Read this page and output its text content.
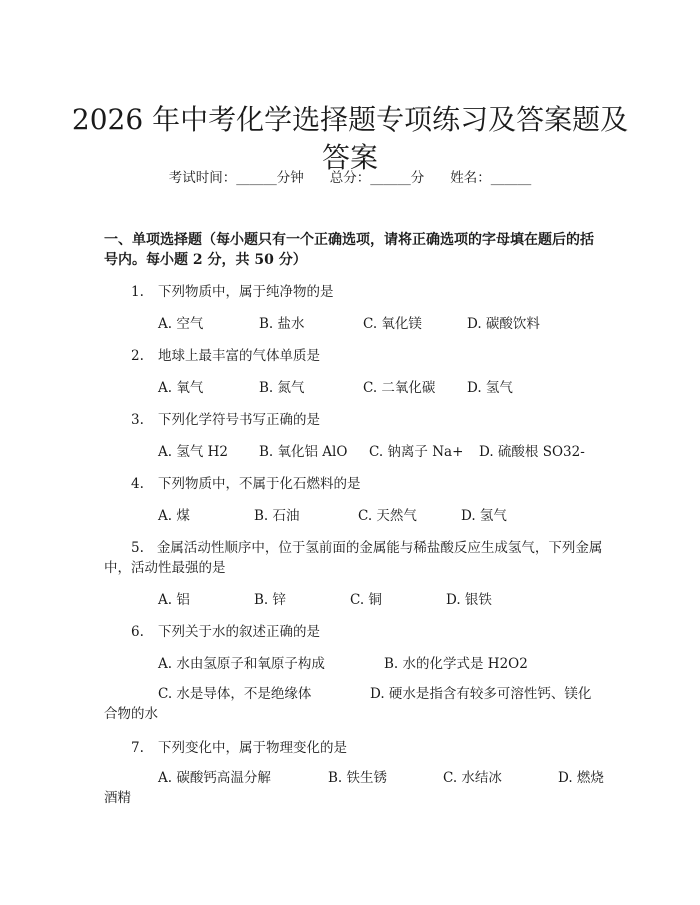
2026 年中考化学选择题专项练习及答案题及
答案
考试时间：______分钟 总分：______分 姓名：______
一、单项选择题（每小题只有一个正确选项，请将正确选项的字母填在题后的括号内。每小题 2 分，共 50 分）
1. 下列物质中，属于纯净物的是
A. 空气	B. 盐水	C. 氧化镁	D. 碳酸饮料
2. 地球上最丰富的气体单质是
A. 氧气	B. 氮气	C. 二氧化碳 D. 氢气
3. 下列化学符号书写正确的是
A. 氢气 H2 B. 氧化铝 AlO C. 钠离子 Na+ D. 硫酸根 SO32-
4. 下列物质中，不属于化石燃料的是
A. 煤	B. 石油	C. 天然气	D. 氢气
5. 金属活动性顺序中，位于氢前面的金属能与稀盐酸反应生成氢气，下列金属中，活动性最强的是
A. 铝	B. 锌	C. 铜	D. 银铁
6. 下列关于水的叙述正确的是
A. 水由氢原子和氧原子构成	B. 水的化学式是 H2O2
C. 水是导体，不是绝缘体	D. 硬水是指含有较多可溶性钙、镁化合物的水
7. 下列变化中，属于物理变化的是
A. 碳酸钙高温分解	B. 铁生锈	C. 水结冰	D. 燃烧酒精
